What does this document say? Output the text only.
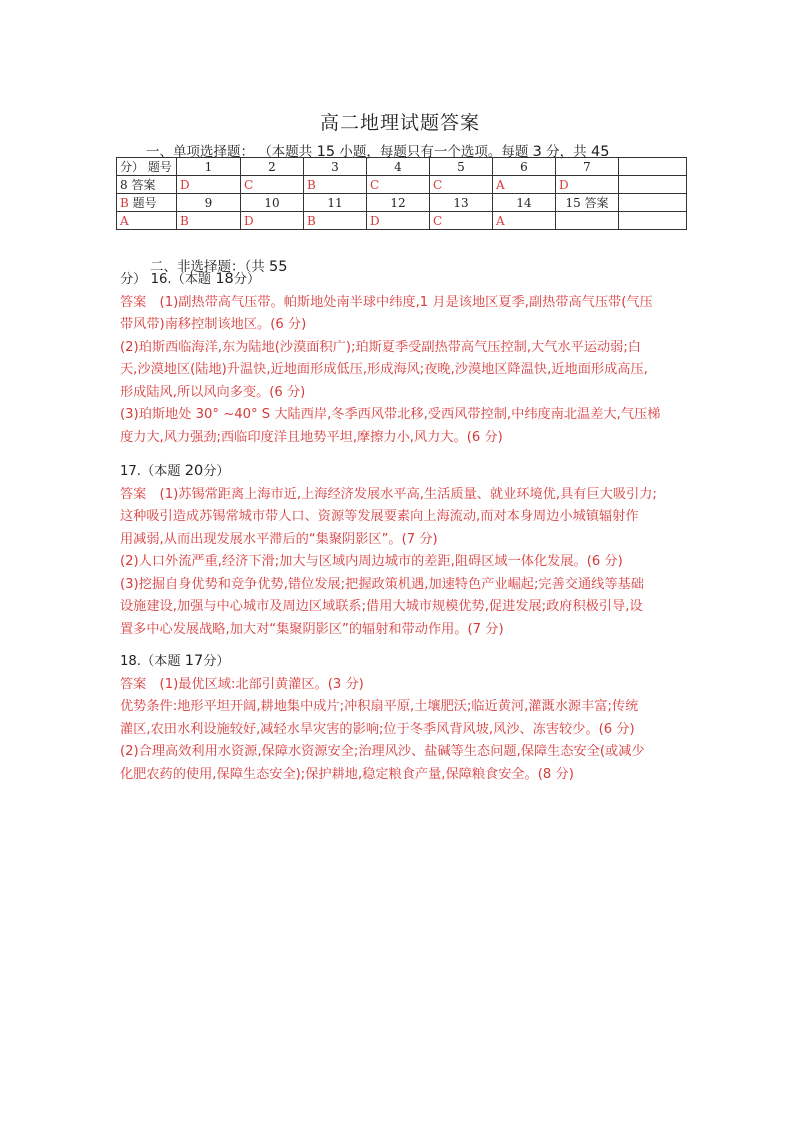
高二地理试题答案
一、单项选择题： （本题共 15 小题，每题只有一个选项。每题 3 分，共 45
分） 题号	1	2	3	4	5	6	7	
8 答案	D	C	B	C	C	A	D	
B 题号	9	10	11	12	13	14	15 答案	
A	B	D	B	D	C	A		
二、非选择题：（共 55
分） 16.（本题 18分）
答案　(1)副热带高气压带。帕斯地处南半球中纬度,1 月是该地区夏季,副热带高气压带(气压
带风带)南移控制该地区。(6 分)
(2)珀斯西临海洋,东为陆地(沙漠面积广);珀斯夏季受副热带高气压控制,大气水平运动弱;白
天,沙漠地区(陆地)升温快,近地面形成低压,形成海风;夜晚,沙漠地区降温快,近地面形成高压,
形成陆风,所以风向多变。(6 分)
(3)珀斯地处 30° ~40° S 大陆西岸,冬季西风带北移,受西风带控制,中纬度南北温差大,气压梯
度力大,风力强劲;西临印度洋且地势平坦,摩擦力小,风力大。(6 分)
17.（本题 20分）
答案　(1)苏锡常距离上海市近,上海经济发展水平高,生活质量、就业环境优,具有巨大吸引力;
这种吸引造成苏锡常城市带人口、资源等发展要素向上海流动,而对本身周边小城镇辐射作
用减弱,从而出现发展水平滞后的“集聚阴影区”。(7 分)
(2)人口外流严重,经济下滑;加大与区域内周边城市的差距,阻碍区域一体化发展。(6 分)
(3)挖掘自身优势和竞争优势,错位发展;把握政策机遇,加速特色产业崛起;完善交通线等基础
设施建设,加强与中心城市及周边区域联系;借用大城市规模优势,促进发展;政府积极引导,设
置多中心发展战略,加大对“集聚阴影区”的辐射和带动作用。(7 分)
18.（本题 17分）
答案　(1)最优区域:北部引黄灌区。(3 分)
优势条件:地形平坦开阔,耕地集中成片;冲积扇平原,土壤肥沃;临近黄河,灌溉水源丰富;传统
灌区,农田水利设施较好,减轻水旱灾害的影响;位于冬季风背风坡,风沙、冻害较少。(6 分)
(2)合理高效利用水资源,保障水资源安全;治理风沙、盐碱等生态问题,保障生态安全(或减少
化肥农药的使用,保障生态安全);保护耕地,稳定粮食产量,保障粮食安全。(8 分)
